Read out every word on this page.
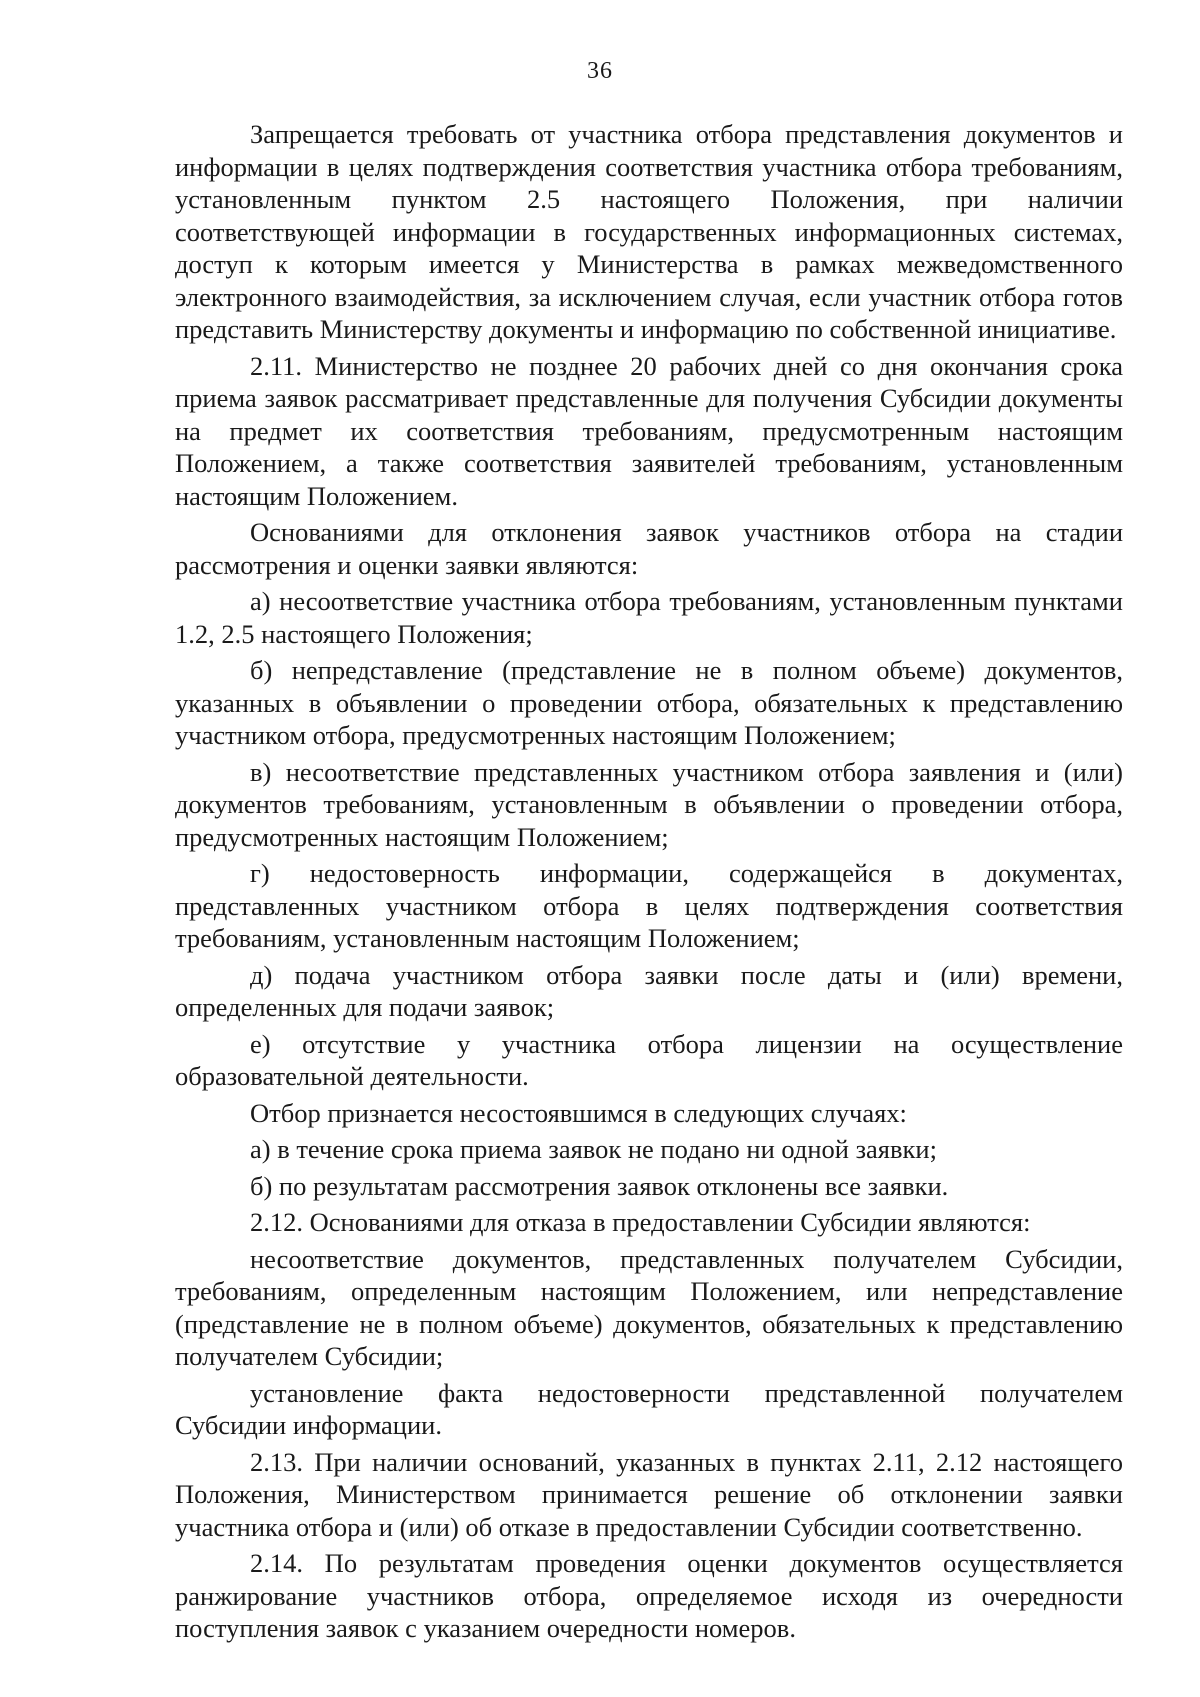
36

Запрещается требовать от участника отбора представления документов и информации в целях подтверждения соответствия участника отбора требованиям, установленным пунктом 2.5 настоящего Положения, при наличии соответствующей информации в государственных информационных системах, доступ к которым имеется у Министерства в рамках межведомственного электронного взаимодействия, за исключением случая, если участник отбора готов представить Министерству документы и информацию по собственной инициативе.

2.11. Министерство не позднее 20 рабочих дней со дня окончания срока приема заявок рассматривает представленные для получения Субсидии документы на предмет их соответствия требованиям, предусмотренным настоящим Положением, а также соответствия заявителей требованиям, установленным настоящим Положением.

Основаниями для отклонения заявок участников отбора на стадии рассмотрения и оценки заявки являются:

а) несоответствие участника отбора требованиям, установленным пунктами 1.2, 2.5 настоящего Положения;

б) непредставление (представление не в полном объеме) документов, указанных в объявлении о проведении отбора, обязательных к представлению участником отбора, предусмотренных настоящим Положением;

в) несоответствие представленных участником отбора заявления и (или) документов требованиям, установленным в объявлении о проведении отбора, предусмотренных настоящим Положением;

г) недостоверность информации, содержащейся в документах, представленных участником отбора в целях подтверждения соответствия требованиям, установленным настоящим Положением;

д) подача участником отбора заявки после даты и (или) времени, определенных для подачи заявок;

е) отсутствие у участника отбора лицензии на осуществление образовательной деятельности.

Отбор признается несостоявшимся в следующих случаях:

а) в течение срока приема заявок не подано ни одной заявки;

б) по результатам рассмотрения заявок отклонены все заявки.

2.12. Основаниями для отказа в предоставлении Субсидии являются:

несоответствие документов, представленных получателем Субсидии, требованиям, определенным настоящим Положением, или непредставление (представление не в полном объеме) документов, обязательных к представлению получателем Субсидии;

установление факта недостоверности представленной получателем Субсидии информации.

2.13. При наличии оснований, указанных в пунктах 2.11, 2.12 настоящего Положения, Министерством принимается решение об отклонении заявки участника отбора и (или) об отказе в предоставлении Субсидии соответственно.

2.14. По результатам проведения оценки документов осуществляется ранжирование участников отбора, определяемое исходя из очередности поступления заявок с указанием очередности номеров.
